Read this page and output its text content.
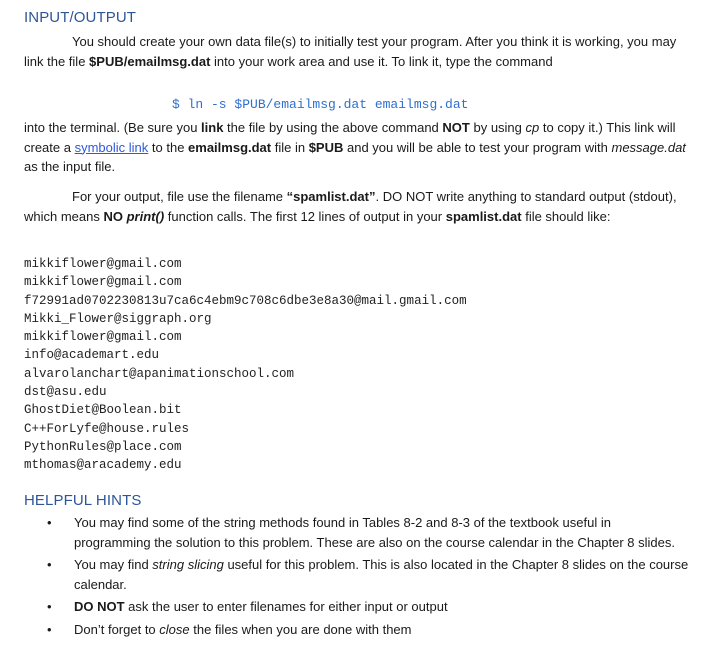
INPUT/OUTPUT

You should create your own data file(s) to initially test your program. After you think it is working, you may link the file $PUB/emailmsg.dat into your work area and use it. To link it, type the command

$ ln -s $PUB/emailmsg.dat emailmsg.dat

into the terminal. (Be sure you link the file by using the above command NOT by using cp to copy it.) This link will create a symbolic link to the emailmsg.dat file in $PUB and you will be able to test your program with message.dat as the input file.

For your output, file use the filename “spamlist.dat”. DO NOT write anything to standard output (stdout), which means NO print() function calls. The first 12 lines of output in your spamlist.dat file should like:

mikkiflower@gmail.com
mikkiflower@gmail.com
f72991ad0702230813u7ca6c4ebm9c708c6dbe3e8a30@mail.gmail.com
Mikki_Flower@siggraph.org
mikkiflower@gmail.com
info@academart.edu
alvarolanchart@apanimationschool.com
dst@asu.edu
GhostDiet@Boolean.bit
C++ForLyfe@house.rules
PythonRules@place.com
mthomas@aracademy.edu
HELPFUL HINTS
• You may find some of the string methods found in Tables 8-2 and 8-3 of the textbook useful in programming the solution to this problem. These are also on the course calendar in the Chapter 8 slides.
• You may find string slicing useful for this problem. This is also located in the Chapter 8 slides on the course calendar.
• DO NOT ask the user to enter filenames for either input or output
• Don’t forget to close the files when you are done with them
